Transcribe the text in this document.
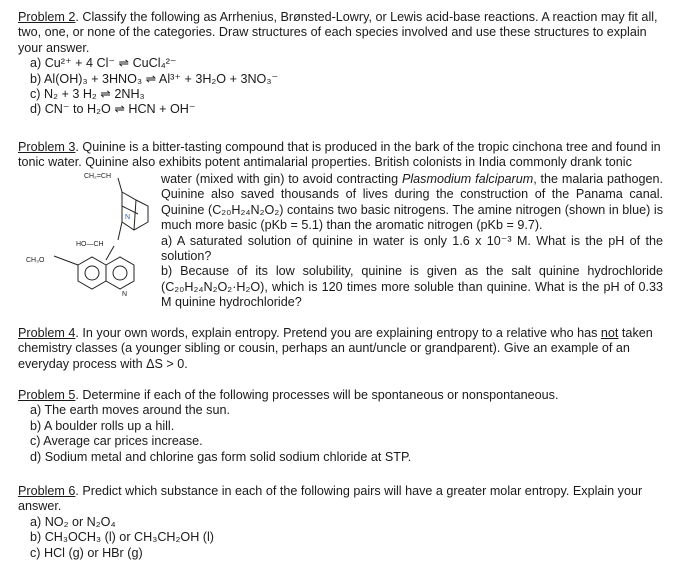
Problem 2. Classify the following as Arrhenius, Brønsted-Lowry, or Lewis acid-base reactions. A reaction may fit all, two, one, or none of the categories. Draw structures of each species involved and use these structures to explain your answer.
a) Cu²⁺ + 4 Cl⁻ ⇌ CuCl₄²⁻
b) Al(OH)₃ + 3HNO₃ ⇌ Al³⁺ + 3H₂O + 3NO₃⁻
c) N₂ + 3 H₂ ⇌ 2NH₃
d) CN⁻ to H₂O ⇌ HCN + OH⁻
Problem 3. Quinine is a bitter-tasting compound that is produced in the bark of the tropic cinchona tree and found in tonic water. Quinine also exhibits potent antimalarial properties. British colonists in India commonly drank tonic
CH₂=CH
N
HO—CH
CH₃O
N
water (mixed with gin) to avoid contracting Plasmodium falciparum, the malaria pathogen. Quinine also saved thousands of lives during the construction of the Panama canal. Quinine (C₂₀H₂₄N₂O₂) contains two basic nitrogens. The amine nitrogen (shown in blue) is much more basic (pKb = 5.1) than the aromatic nitrogen (pKb = 9.7).
a) A saturated solution of quinine in water is only 1.6 x 10⁻³ M. What is the pH of the solution?
b) Because of its low solubility, quinine is given as the salt quinine hydrochloride (C₂₀H₂₄N₂O₂·H₂O), which is 120 times more soluble than quinine. What is the pH of 0.33 M quinine hydrochloride?
Problem 4. In your own words, explain entropy. Pretend you are explaining entropy to a relative who has not taken chemistry classes (a younger sibling or cousin, perhaps an aunt/uncle or grandparent). Give an example of an everyday process with ΔS > 0.
Problem 5. Determine if each of the following processes will be spontaneous or nonspontaneous.
a) The earth moves around the sun.
b) A boulder rolls up a hill.
c) Average car prices increase.
d) Sodium metal and chlorine gas form solid sodium chloride at STP.
Problem 6. Predict which substance in each of the following pairs will have a greater molar entropy. Explain your answer.
a) NO₂ or N₂O₄
b) CH₃OCH₃ (l) or CH₃CH₂OH (l)
c) HCl (g) or HBr (g)
